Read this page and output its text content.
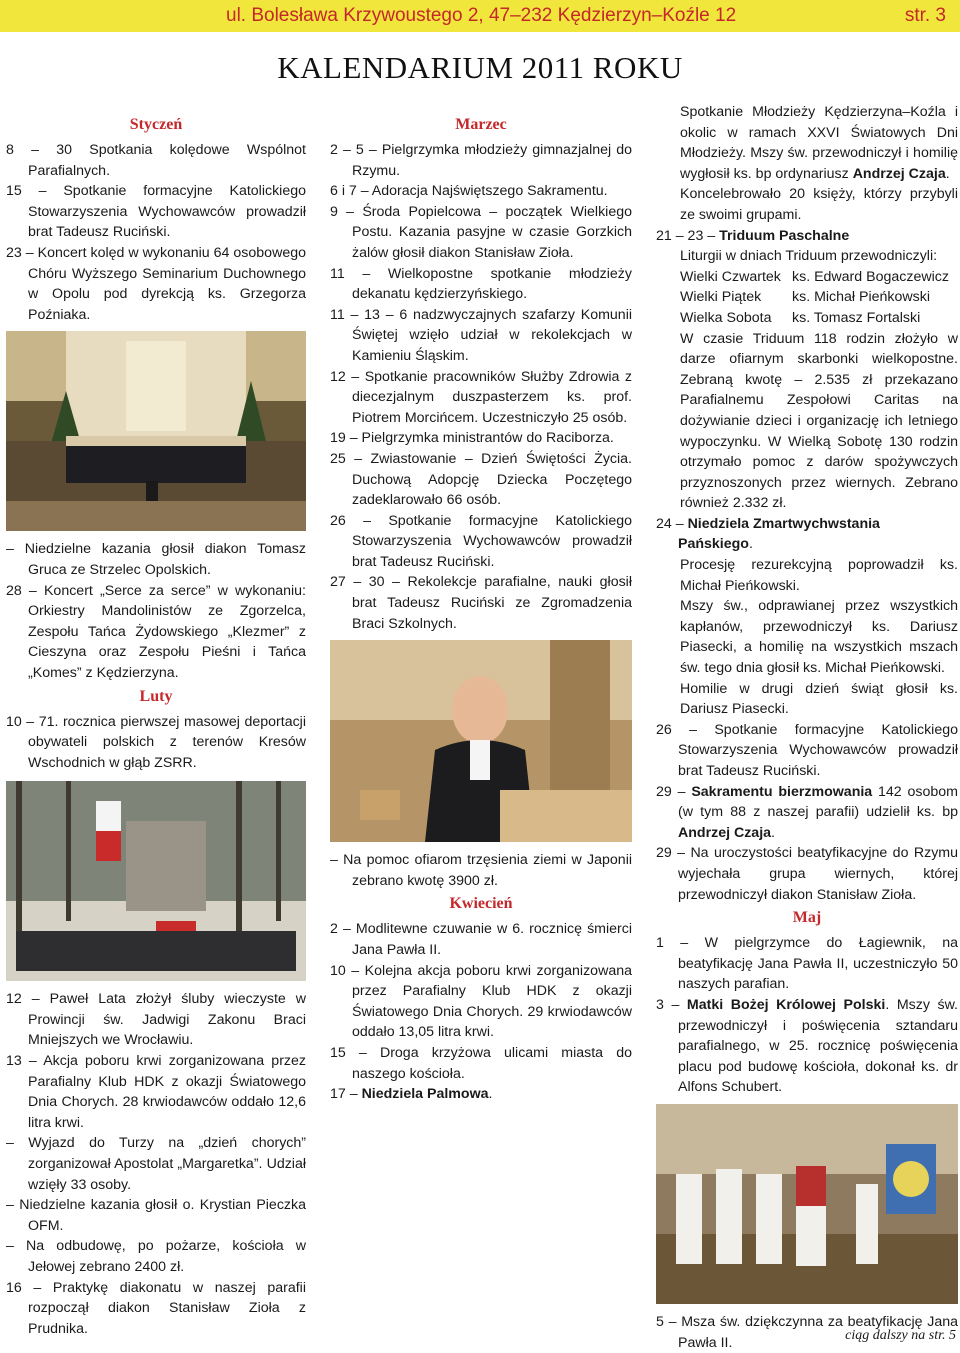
ul. Bolesława Krzywoustego 2, 47–232 Kędzierzyn–Koźle 12	str. 3
KALENDARIUM 2011 ROKU
Styczeń

8 – 30 Spotkania kolędowe Wspólnot Parafialnych.

15 – Spotkanie formacyjne Katolickiego Stowarzyszenia Wychowawców prowadził brat Tadeusz Ruciński.

23 – Koncert kolęd w wykonaniu 64 osobowego Chóru Wyższego Seminarium Duchownego w Opolu pod dyrekcją ks. Grzegorza Poźniaka.

– Niedzielne kazania głosił diakon Tomasz Gruca ze Strzelec Opolskich.

28 – Koncert „Serce za serce” w wykonaniu: Orkiestry Mandolinistów ze Zgorzelca, Zespołu Tańca Żydowskiego „Klezmer” z Cieszyna oraz Zespołu Pieśni i Tańca „Komes” z Kędzierzyna.

Luty

10 – 71. rocznica pierwszej masowej deportacji obywateli polskich z terenów Kresów Wschodnich w głąb ZSRR.

12 – Paweł Lata złożył śluby wieczyste w Prowincji św. Jadwigi Zakonu Braci Mniejszych we Wrocławiu.

13 – Akcja poboru krwi zorganizowana przez Parafialny Klub HDK z okazji Światowego Dnia Chorych. 28 krwiodawców oddało 12,6 litra krwi.

– Wyjazd do Turzy na „dzień chorych” zorganizował Apostolat „Margaretka”. Udział wzięły 33 osoby.

– Niedzielne kazania głosił o. Krystian Pieczka OFM.

– Na odbudowę, po pożarze, kościoła w Jełowej zebrano 2400 zł.

16 – Praktykę diakonatu w naszej parafii rozpoczął diakon Stanisław Zioła z Prudnika.

Marzec

2 – 5 – Pielgrzymka młodzieży gimnazjalnej do Rzymu.

6 i 7 – Adoracja Najświętszego Sakramentu.

9 – Środa Popielcowa – początek Wielkiego Postu. Kazania pasyjne w czasie Gorzkich żalów głosił diakon Stanisław Zioła.

11 – Wielkopostne spotkanie młodzieży dekanatu kędzierzyńskiego.

11 – 13 – 6 nadzwyczajnych szafarzy Komunii Świętej wzięło udział w rekolekcjach w Kamieniu Śląskim.

12 – Spotkanie pracowników Służby Zdrowia z diecezjalnym duszpasterzem ks. prof. Piotrem Morcińcem. Uczestniczyło 25 osób.

19 – Pielgrzymka ministrantów do Raciborza.

25 – Zwiastowanie – Dzień Świętości Życia. Duchową Adopcję Dziecka Poczętego zadeklarowało 66 osób.

26 – Spotkanie formacyjne Katolickiego Stowarzyszenia Wychowawców prowadził brat Tadeusz Ruciński.

27 – 30 – Rekolekcje parafialne, nauki głosił brat Tadeusz Ruciński ze Zgromadzenia Braci Szkolnych.

– Na pomoc ofiarom trzęsienia ziemi w Japonii zebrano kwotę 3900 zł.

Kwiecień

2 – Modlitewne czuwanie w 6. rocznicę śmierci Jana Pawła II.

10 – Kolejna akcja poboru krwi zorganizowana przez Parafialny Klub HDK z okazji Światowego Dnia Chorych. 29 krwiodawców oddało 13,05 litra krwi.

15 – Droga krzyżowa ulicami miasta do naszego kościoła.

17 – Niedziela Palmowa.

Spotkanie Młodzieży Kędzierzyna–Koźla i okolic w ramach XXVI Światowych Dni Młodzieży. Mszy św. przewodniczył i homilię wygłosił ks. bp ordynariusz Andrzej Czaja.

Koncelebrowało 20 księży, którzy przybyli ze swoimi grupami.

21 – 23 – Triduum Paschalne

Liturgii w dniach Triduum przewodniczyli:

Wielki Czwartek ks. Edward Bogaczewicz
Wielki Piątek	ks. Michał Pieńkowski
Wielka Sobota	ks. Tomasz Fortalski

W czasie Triduum 118 rodzin złożyło w darze ofiarnym skarbonki wielkopostne. Zebraną kwotę – 2.535 zł przekazano Parafialnemu Zespołowi Caritas na dożywianie dzieci i organizację ich letniego wypoczynku. W Wielką Sobotę 130 rodzin otrzymało pomoc z darów spożywczych przyznoszonych przez wiernych. Zebrano również 2.332 zł.

24 – Niedziela Zmartwychwstania Pańskiego.

Procesję rezurekcyjną poprowadził ks. Michał Pieńkowski.

Mszy św., odprawianej przez wszystkich kapłanów, przewodniczył ks. Dariusz Piasecki, a homilię na wszystkich mszach św. tego dnia głosił ks. Michał Pieńkowski.

Homilie w drugi dzień świąt głosił ks. Dariusz Piasecki.

26 – Spotkanie formacyjne Katolickiego Stowarzyszenia Wychowawców prowadził brat Tadeusz Ruciński.

29 – Sakramentu bierzmowania 142 osobom (w tym 88 z naszej parafii) udzielił ks. bp Andrzej Czaja.

29 – Na uroczystości beatyfikacyjne do Rzymu wyjechała grupa wiernych, której przewodniczył diakon Stanisław Zioła.

Maj

1 – W pielgrzymce do Łagiewnik, na beatyfikację Jana Pawła II, uczestniczyło 50 naszych parafian.

3 – Matki Bożej Królowej Polski. Mszy św. przewodniczył i poświęcenia sztandaru parafialnego, w 25. rocznicę poświęcenia placu pod budowę kościoła, dokonał ks. dr Alfons Schubert.

5 – Msza św. dziękczynna za beatyfikację Jana Pawła II.	ciąg dalszy na str. 5
